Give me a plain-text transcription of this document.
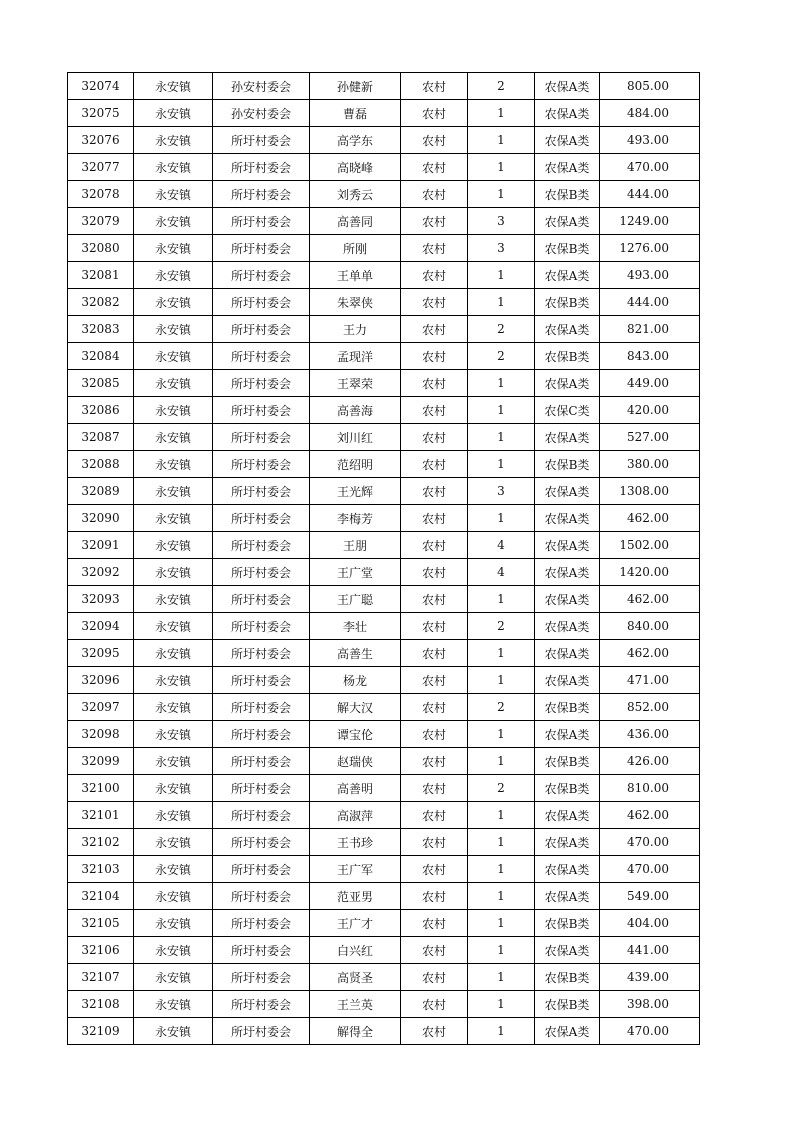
32074	永安镇	孙安村委会	孙健新	农村	2	农保A类	805.00
32075	永安镇	孙安村委会	曹磊	农村	1	农保A类	484.00
32076	永安镇	所圩村委会	高学东	农村	1	农保A类	493.00
32077	永安镇	所圩村委会	高晓峰	农村	1	农保A类	470.00
32078	永安镇	所圩村委会	刘秀云	农村	1	农保B类	444.00
32079	永安镇	所圩村委会	高善同	农村	3	农保A类	1249.00
32080	永安镇	所圩村委会	所刚	农村	3	农保B类	1276.00
32081	永安镇	所圩村委会	王单单	农村	1	农保A类	493.00
32082	永安镇	所圩村委会	朱翠侠	农村	1	农保B类	444.00
32083	永安镇	所圩村委会	王力	农村	2	农保A类	821.00
32084	永安镇	所圩村委会	孟现洋	农村	2	农保B类	843.00
32085	永安镇	所圩村委会	王翠荣	农村	1	农保A类	449.00
32086	永安镇	所圩村委会	高善海	农村	1	农保C类	420.00
32087	永安镇	所圩村委会	刘川红	农村	1	农保A类	527.00
32088	永安镇	所圩村委会	范绍明	农村	1	农保B类	380.00
32089	永安镇	所圩村委会	王光辉	农村	3	农保A类	1308.00
32090	永安镇	所圩村委会	李梅芳	农村	1	农保A类	462.00
32091	永安镇	所圩村委会	王朋	农村	4	农保A类	1502.00
32092	永安镇	所圩村委会	王广堂	农村	4	农保A类	1420.00
32093	永安镇	所圩村委会	王广聪	农村	1	农保A类	462.00
32094	永安镇	所圩村委会	李壮	农村	2	农保A类	840.00
32095	永安镇	所圩村委会	高善生	农村	1	农保A类	462.00
32096	永安镇	所圩村委会	杨龙	农村	1	农保A类	471.00
32097	永安镇	所圩村委会	解大汉	农村	2	农保B类	852.00
32098	永安镇	所圩村委会	谭宝伦	农村	1	农保A类	436.00
32099	永安镇	所圩村委会	赵瑞侠	农村	1	农保B类	426.00
32100	永安镇	所圩村委会	高善明	农村	2	农保B类	810.00
32101	永安镇	所圩村委会	高淑萍	农村	1	农保A类	462.00
32102	永安镇	所圩村委会	王书珍	农村	1	农保A类	470.00
32103	永安镇	所圩村委会	王广军	农村	1	农保A类	470.00
32104	永安镇	所圩村委会	范亚男	农村	1	农保A类	549.00
32105	永安镇	所圩村委会	王广才	农村	1	农保B类	404.00
32106	永安镇	所圩村委会	白兴红	农村	1	农保A类	441.00
32107	永安镇	所圩村委会	高贤圣	农村	1	农保B类	439.00
32108	永安镇	所圩村委会	王兰英	农村	1	农保B类	398.00
32109	永安镇	所圩村委会	解得全	农村	1	农保A类	470.00
